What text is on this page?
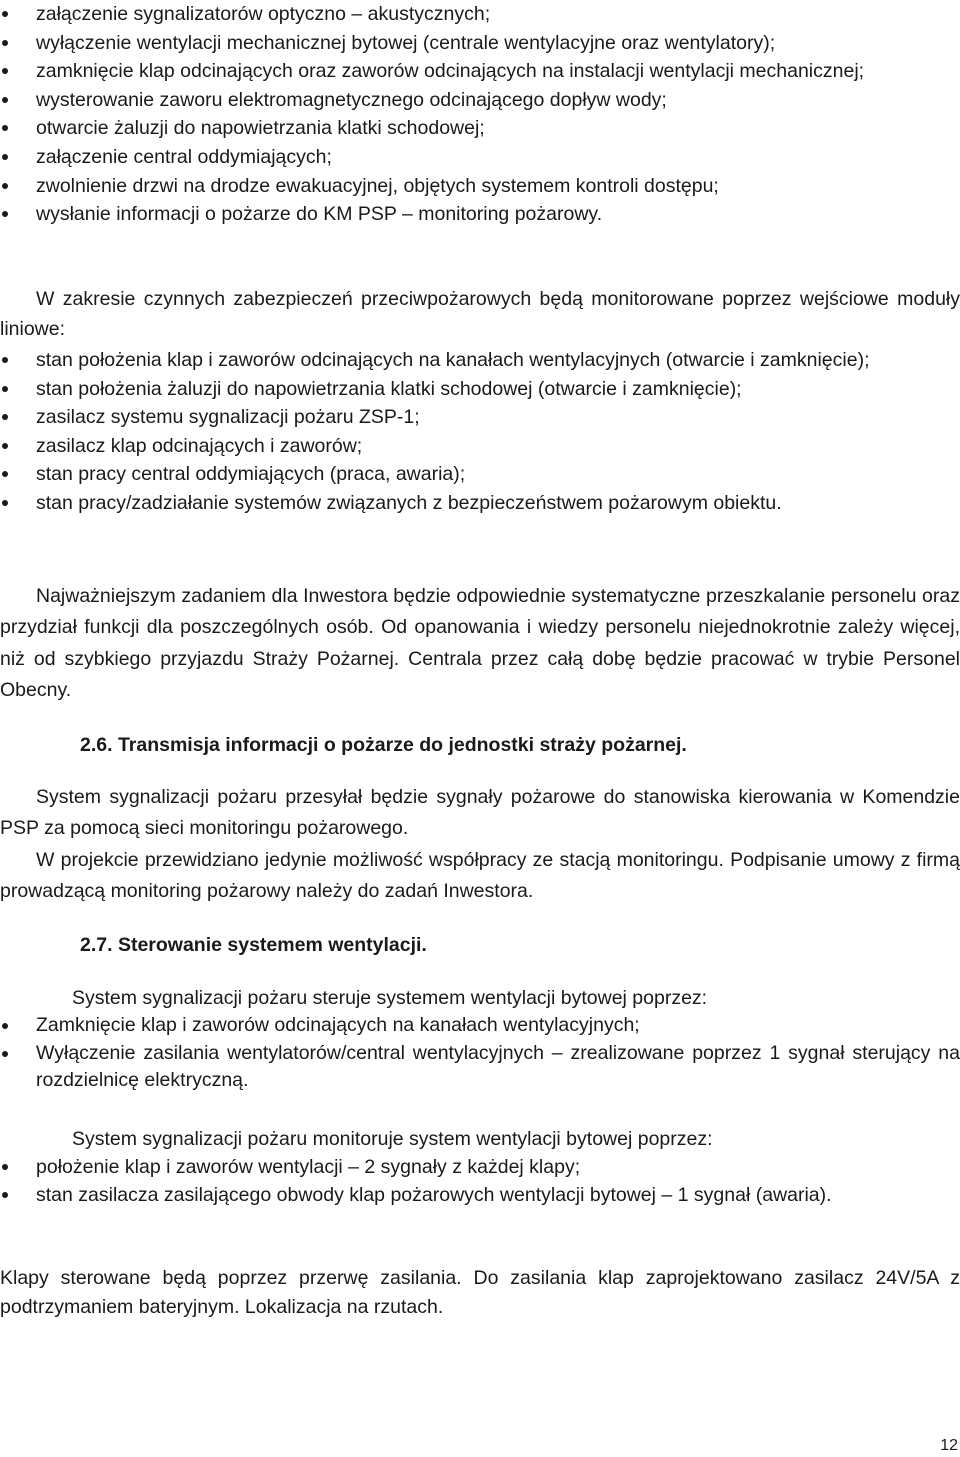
załączenie sygnalizatorów optyczno – akustycznych;
wyłączenie wentylacji mechanicznej bytowej (centrale wentylacyjne oraz wentylatory);
zamknięcie klap odcinających oraz zaworów odcinających na instalacji wentylacji mechanicznej;
wysterowanie zaworu elektromagnetycznego odcinającego dopływ wody;
otwarcie żaluzji do napowietrzania klatki schodowej;
załączenie central oddymiających;
zwolnienie drzwi na drodze ewakuacyjnej, objętych systemem kontroli dostępu;
wysłanie informacji o pożarze do KM PSP – monitoring pożarowy.

W zakresie czynnych zabezpieczeń przeciwpożarowych będą monitorowane poprzez wejściowe moduły liniowe:

stan położenia klap i zaworów odcinających na kanałach wentylacyjnych (otwarcie i zamknięcie);
stan położenia żaluzji do napowietrzania klatki schodowej (otwarcie i zamknięcie);
zasilacz systemu sygnalizacji pożaru ZSP-1;
zasilacz klap odcinających i zaworów;
stan pracy central oddymiających (praca, awaria);
stan pracy/zadziałanie systemów związanych z bezpieczeństwem pożarowym obiektu.

Najważniejszym zadaniem dla Inwestora będzie odpowiednie systematyczne przeszkalanie personelu oraz przydział funkcji dla poszczególnych osób. Od opanowania i wiedzy personelu niejednokrotnie zależy więcej, niż od szybkiego przyjazdu Straży Pożarnej. Centrala przez całą dobę będzie pracować w trybie Personel Obecny.

2.6. Transmisja informacji o pożarze do jednostki straży pożarnej.

System sygnalizacji pożaru przesyłał będzie sygnały pożarowe do stanowiska kierowania w Komendzie PSP za pomocą sieci monitoringu pożarowego.

W projekcie przewidziano jedynie możliwość współpracy ze stacją monitoringu. Podpisanie umowy z firmą prowadzącą monitoring pożarowy należy do zadań Inwestora.

2.7. Sterowanie systemem wentylacji.

System sygnalizacji pożaru steruje systemem wentylacji bytowej poprzez:

Zamknięcie klap i zaworów odcinających na kanałach wentylacyjnych;
Wyłączenie zasilania wentylatorów/central wentylacyjnych – zrealizowane poprzez 1 sygnał sterujący na rozdzielnicę elektryczną.

System sygnalizacji pożaru monitoruje system wentylacji bytowej poprzez:

położenie klap i zaworów wentylacji – 2 sygnały z każdej klapy;
stan zasilacza zasilającego obwody klap pożarowych wentylacji bytowej – 1 sygnał (awaria).

Klapy sterowane będą poprzez przerwę zasilania. Do zasilania klap zaprojektowano zasilacz 24V/5A z podtrzymaniem bateryjnym. Lokalizacja na rzutach.

12
